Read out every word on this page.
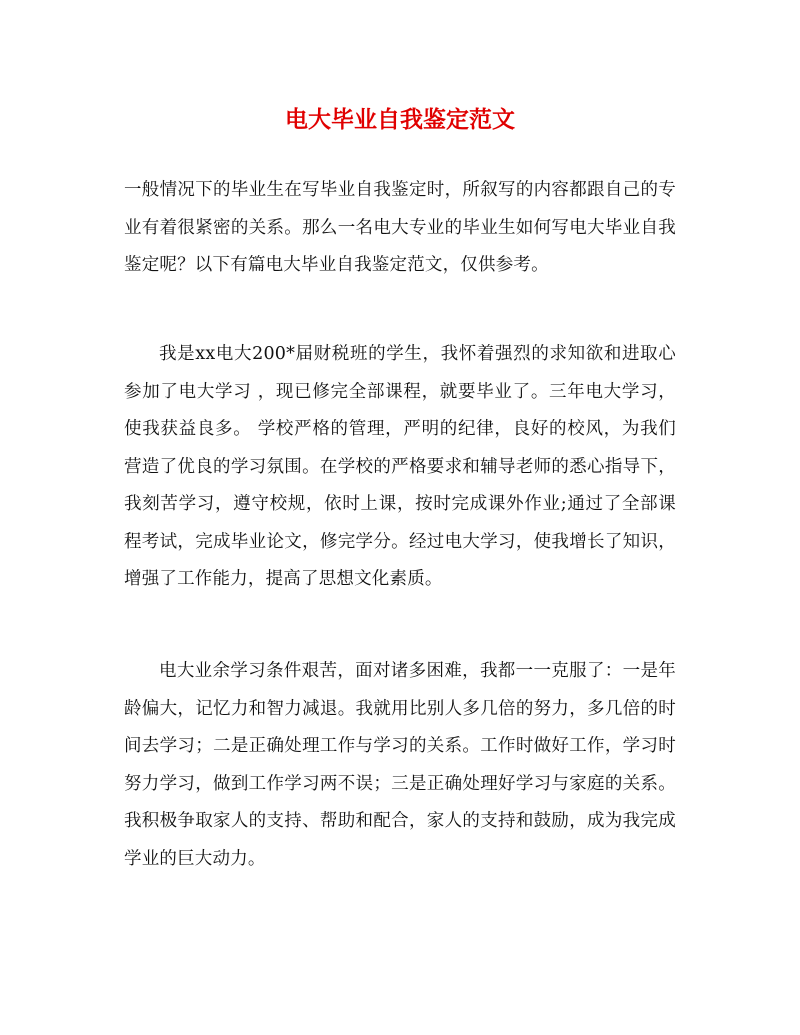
电大毕业自我鉴定范文

一般情况下的毕业生在写毕业自我鉴定时，所叙写的内容都跟自己的专业有着很紧密的关系。那么一名电大专业的毕业生如何写电大毕业自我鉴定呢？以下有篇电大毕业自我鉴定范文，仅供参考。

我是xx电大200*届财税班的学生，我怀着强烈的求知欲和进取心参加了电大学习 ，现已修完全部课程，就要毕业了。三年电大学习，使我获益良多。 学校严格的管理，严明的纪律，良好的校风，为我们营造了优良的学习氛围。在学校的严格要求和辅导老师的悉心指导下，我刻苦学习，遵守校规，依时上课，按时完成课外作业;通过了全部课程考试，完成毕业论文，修完学分。经过电大学习，使我增长了知识，增强了工作能力，提高了思想文化素质。

电大业余学习条件艰苦，面对诸多困难，我都一一克服了：一是年龄偏大，记忆力和智力减退。我就用比别人多几倍的努力，多几倍的时间去学习；二是正确处理工作与学习的关系。工作时做好工作，学习时努力学习，做到工作学习两不误；三是正确处理好学习与家庭的关系。我积极争取家人的支持、帮助和配合，家人的支持和鼓励，成为我完成学业的巨大动力。
